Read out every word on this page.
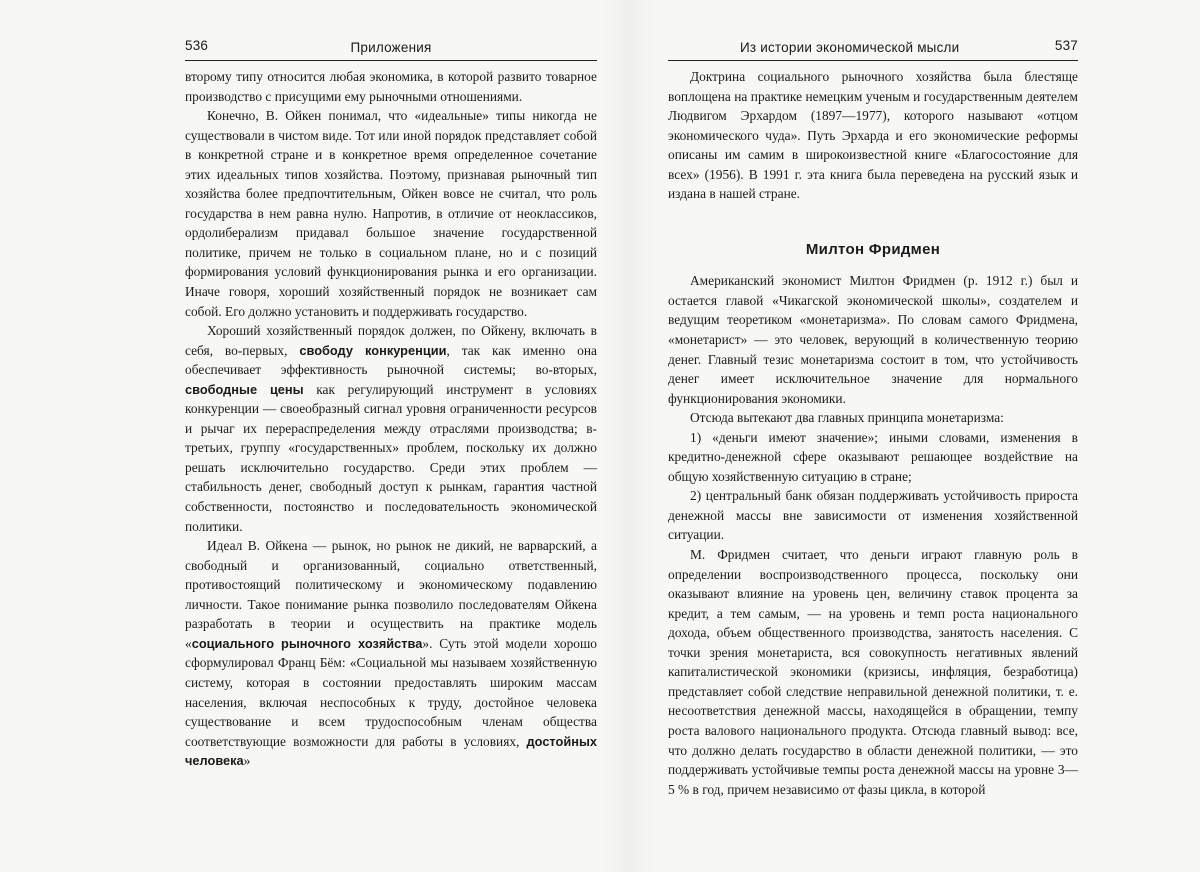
536	Приложения

второму типу относится любая экономика, в которой развито товарное производство с присущими ему рыночными отношениями.

Конечно, В. Ойкен понимал, что «идеальные» типы никогда не существовали в чистом виде. Тот или иной порядок представляет собой в конкретной стране и в конкретное время определенное сочетание этих идеальных типов хозяйства. Поэтому, признавая рыночный тип хозяйства более предпочтительным, Ойкен вовсе не считал, что роль государства в нем равна нулю. Напротив, в отличие от неоклассиков, ордолиберализм придавал большое значение государственной политике, причем не только в социальном плане, но и с позиций формирования условий функционирования рынка и его организации. Иначе говоря, хороший хозяйственный порядок не возникает сам собой. Его должно установить и поддерживать государство.

Хороший хозяйственный порядок должен, по Ойкену, включать в себя, во-первых, свободу конкуренции, так как именно она обеспечивает эффективность рыночной системы; во-вторых, свободные цены как регулирующий инструмент в условиях конкуренции — своеобразный сигнал уровня ограниченности ресурсов и рычаг их перераспределения между отраслями производства; в-третьих, группу «государственных» проблем, поскольку их должно решать исключительно государство. Среди этих проблем — стабильность денег, свободный доступ к рынкам, гарантия частной собственности, постоянство и последовательность экономической политики.

Идеал В. Ойкена — рынок, но рынок не дикий, не варварский, а свободный и организованный, социально ответственный, противостоящий политическому и экономическому подавлению личности. Такое понимание рынка позволило последователям Ойкена разработать в теории и осуществить на практике модель «социального рыночного хозяйства». Суть этой модели хорошо сформулировал Франц Бём: «Социальной мы называем хозяйственную систему, которая в состоянии предоставлять широким массам населения, включая неспособных к труду, достойное человека существование и всем трудоспособным членам общества соответствующие возможности для работы в условиях, достойных человека»

Из истории экономической мысли	537

Доктрина социального рыночного хозяйства была блестяще воплощена на практике немецким ученым и государственным деятелем Людвигом Эрхардом (1897—1977), которого называют «отцом экономического чуда». Путь Эрхарда и его экономические реформы описаны им самим в широкоизвестной книге «Благосостояние для всех» (1956). В 1991 г. эта книга была переведена на русский язык и издана в нашей стране.

Милтон Фридмен

Американский экономист Милтон Фридмен (р. 1912 г.) был и остается главой «Чикагской экономической школы», создателем и ведущим теоретиком «монетаризма». По словам самого Фридмена, «монетарист» — это человек, верующий в количественную теорию денег. Главный тезис монетаризма состоит в том, что устойчивость денег имеет исключительное значение для нормального функционирования экономики.

Отсюда вытекают два главных принципа монетаризма:

1) «деньги имеют значение»; иными словами, изменения в кредитно-денежной сфере оказывают решающее воздействие на общую хозяйственную ситуацию в стране;

2) центральный банк обязан поддерживать устойчивость прироста денежной массы вне зависимости от изменения хозяйственной ситуации.

М. Фридмен считает, что деньги играют главную роль в определении воспроизводственного процесса, поскольку они оказывают влияние на уровень цен, величину ставок процента за кредит, а тем самым, — на уровень и темп роста национального дохода, объем общественного производства, занятость населения. С точки зрения монетариста, вся совокупность негативных явлений капиталистической экономики (кризисы, инфляция, безработица) представляет собой следствие неправильной денежной политики, т. е. несоответствия денежной массы, находящейся в обращении, темпу роста валового национального продукта. Отсюда главный вывод: все, что должно делать государство в области денежной политики, — это поддерживать устойчивые темпы роста денежной массы на уровне 3—5 % в год, причем независимо от фазы цикла, в которой
